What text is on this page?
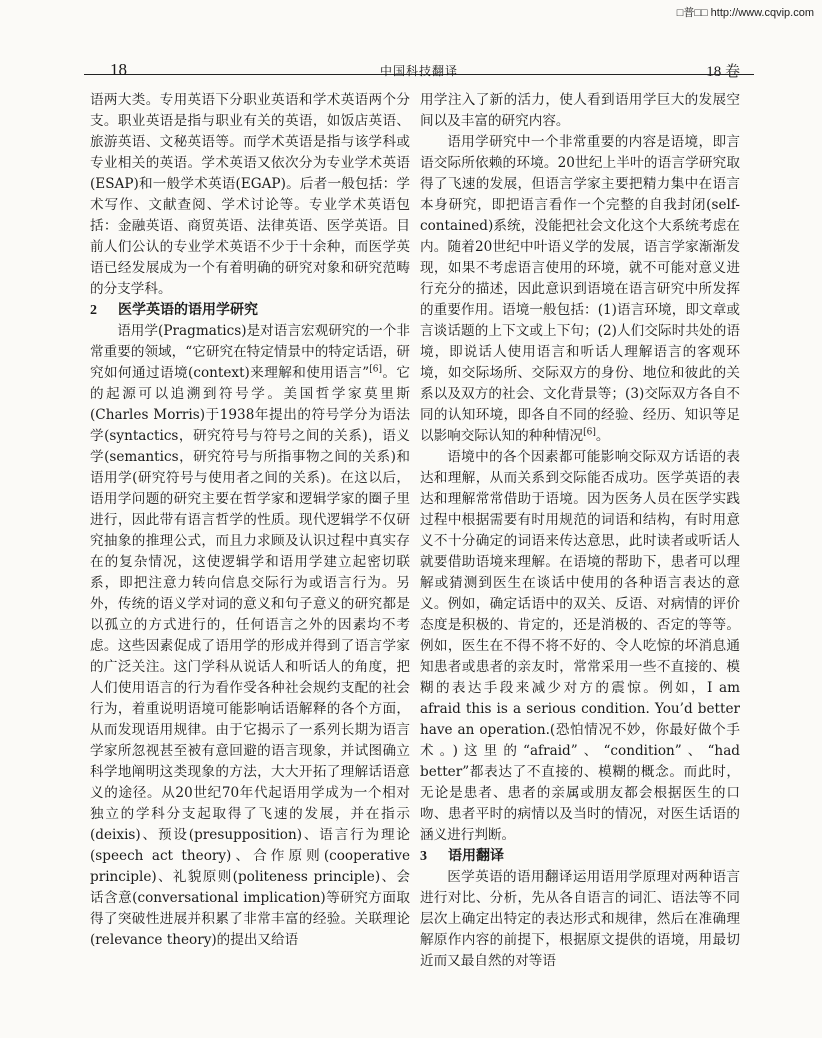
□普□□ http://www.cqvip.com
18	中国科技翻译	18 卷

语两大类。专用英语下分职业英语和学术英语两个分支。职业英语是指与职业有关的英语，如饭店英语、旅游英语、文秘英语等。而学术英语是指与该学科或专业相关的英语。学术英语又依次分为专业学术英语(ESAP)和一般学术英语(EGAP)。后者一般包括：学术写作、文献查阅、学术讨论等。专业学术英语包括：金融英语、商贸英语、法律英语、医学英语。目前人们公认的专业学术英语不少于十余种，而医学英语已经发展成为一个有着明确的研究对象和研究范畴的分支学科。

2 医学英语的语用学研究

语用学(Pragmatics)是对语言宏观研究的一个非常重要的领域，“它研究在特定情景中的特定话语，研究如何通过语境(context)来理解和使用语言”[6]。它的起源可以追溯到符号学。美国哲学家莫里斯(Charles Morris)于1938年提出的符号学分为语法学(syntactics，研究符号与符号之间的关系)，语义学(semantics，研究符号与所指事物之间的关系)和语用学(研究符号与使用者之间的关系)。在这以后，语用学问题的研究主要在哲学家和逻辑学家的圈子里进行，因此带有语言哲学的性质。现代逻辑学不仅研究抽象的推理公式，而且力求顾及认识过程中真实存在的复杂情况，这使逻辑学和语用学建立起密切联系，即把注意力转向信息交际行为或语言行为。另外，传统的语义学对词的意义和句子意义的研究都是以孤立的方式进行的，任何语言之外的因素均不考虑。这些因素促成了语用学的形成并得到了语言学家的广泛关注。这门学科从说话人和听话人的角度，把人们使用语言的行为看作受各种社会规约支配的社会行为，着重说明语境可能影响话语解释的各个方面，从而发现语用规律。由于它揭示了一系列长期为语言学家所忽视甚至被有意回避的语言现象，并试图确立科学地阐明这类现象的方法，大大开拓了理解话语意义的途径。从20世纪70年代起语用学成为一个相对独立的学科分支起取得了飞速的发展，并在指示(deixis)、预设(presupposition)、语言行为理论(speech act theory)、合作原则(cooperative principle)、礼貌原则(politeness principle)、会话含意(conversational implication)等研究方面取得了突破性进展并积累了非常丰富的经验。关联理论(relevance theory)的提出又给语

用学注入了新的活力，使人看到语用学巨大的发展空间以及丰富的研究内容。

语用学研究中一个非常重要的内容是语境，即言语交际所依赖的环境。20世纪上半叶的语言学研究取得了飞速的发展，但语言学家主要把精力集中在语言本身研究，即把语言看作一个完整的自我封闭(self-contained)系统，没能把社会文化这个大系统考虑在内。随着20世纪中叶语义学的发展，语言学家渐渐发现，如果不考虑语言使用的环境，就不可能对意义进行充分的描述，因此意识到语境在语言研究中所发挥的重要作用。语境一般包括：(1)语言环境，即文章或言谈话题的上下文或上下句；(2)人们交际时共处的语境，即说话人使用语言和听话人理解语言的客观环境，如交际场所、交际双方的身份、地位和彼此的关系以及双方的社会、文化背景等；(3)交际双方各自不同的认知环境，即各自不同的经验、经历、知识等足以影响交际认知的种种情况[6]。

语境中的各个因素都可能影响交际双方话语的表达和理解，从而关系到交际能否成功。医学英语的表达和理解常常借助于语境。因为医务人员在医学实践过程中根据需要有时用规范的词语和结构，有时用意义不十分确定的词语来传达意思，此时读者或听话人就要借助语境来理解。在语境的帮助下，患者可以理解或猜测到医生在谈话中使用的各种语言表达的意义。例如，确定话语中的双关、反语、对病情的评价态度是积极的、肯定的，还是消极的、否定的等等。例如，医生在不得不将不好的、令人吃惊的坏消息通知患者或患者的亲友时，常常采用一些不直接的、模糊的表达手段来减少对方的震惊。例如，I am afraid this is a serious condition. You’d better have an operation.(恐怕情况不妙，你最好做个手术。)这里的“afraid”、“condition”、“had better”都表达了不直接的、模糊的概念。而此时，无论是患者、患者的亲属或朋友都会根据医生的口吻、患者平时的病情以及当时的情况，对医生话语的涵义进行判断。

3 语用翻译

医学英语的语用翻译运用语用学原理对两种语言进行对比、分析，先从各自语言的词汇、语法等不同层次上确定出特定的表达形式和规律，然后在准确理解原作内容的前提下，根据原文提供的语境，用最切近而又最自然的对等语
